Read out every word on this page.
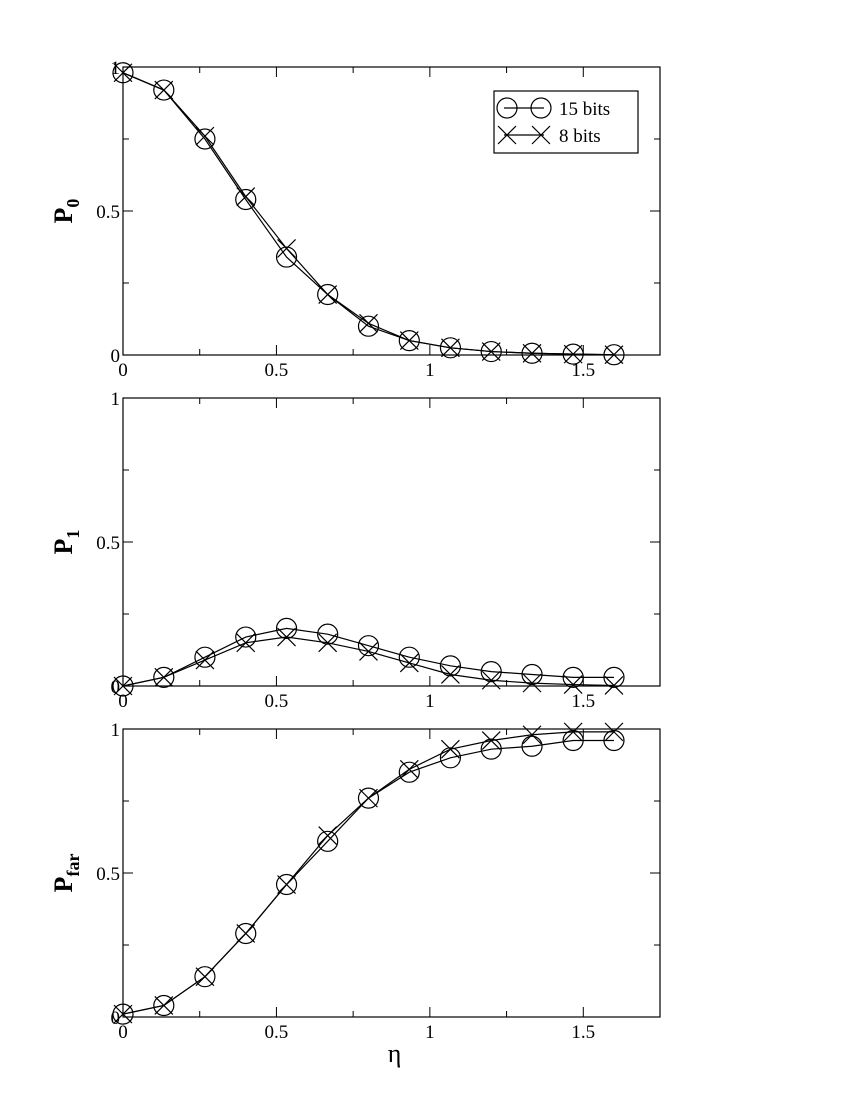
0	0.5	1	1.5
0
0.5
1
$P_0$
15 bits
8 bits
0	0.5	1	1.5
0
0.5
1
$P_1$
0	0.5	1	1.5
0
0.5
1
$P_{far}$
η
